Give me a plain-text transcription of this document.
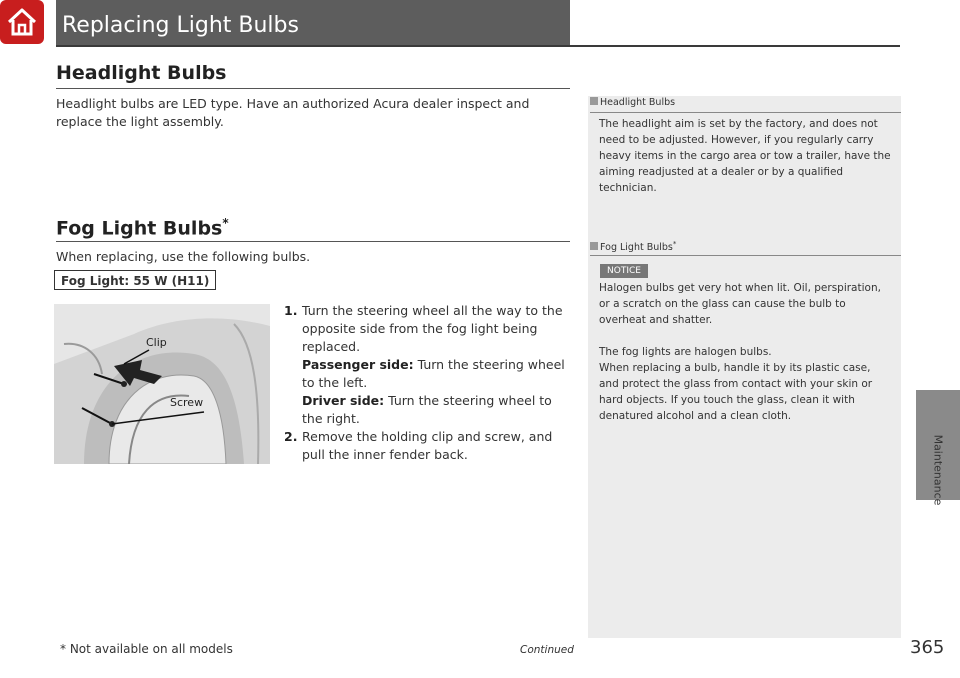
Replacing Light Bulbs
Maintenance
Headlight Bulbs
Headlight bulbs are LED type. Have an authorized Acura dealer inspect and replace the light assembly.
Fog Light Bulbs*
When replacing, use the following bulbs.
Fog Light: 55 W (H11)
Clip
Screw
1. Turn the steering wheel all the way to the opposite side from the fog light being replaced.
Passenger side: Turn the steering wheel to the left.
Driver side: Turn the steering wheel to the right.
2. Remove the holding clip and screw, and pull the inner fender back.
Headlight Bulbs
The headlight aim is set by the factory, and does not need to be adjusted. However, if you regularly carry heavy items in the cargo area or tow a trailer, have the aiming readjusted at a dealer or by a qualified technician.
Fog Light Bulbs*
NOTICE
Halogen bulbs get very hot when lit. Oil, perspiration, or a scratch on the glass can cause the bulb to overheat and shatter.
The fog lights are halogen bulbs.
When replacing a bulb, handle it by its plastic case, and protect the glass from contact with your skin or hard objects. If you touch the glass, clean it with denatured alcohol and a clean cloth.
* Not available on all models	Continued	365
